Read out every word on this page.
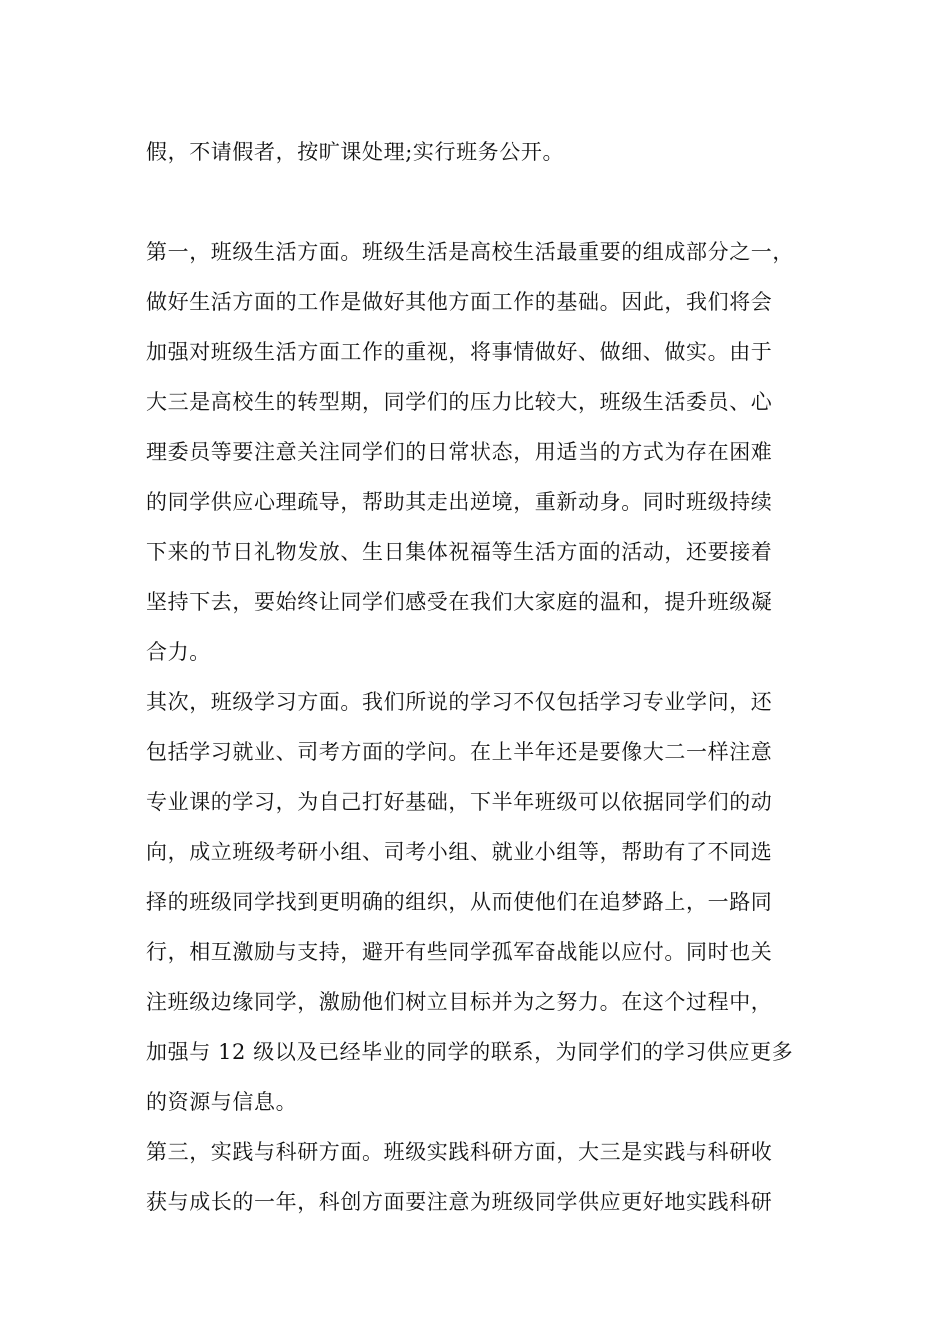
假，不请假者，按旷课处理;实行班务公开。

第一，班级生活方面。班级生活是高校生活最重要的组成部分之一，

做好生活方面的工作是做好其他方面工作的基础。因此，我们将会

加强对班级生活方面工作的重视，将事情做好、做细、做实。由于

大三是高校生的转型期，同学们的压力比较大，班级生活委员、心

理委员等要注意关注同学们的日常状态，用适当的方式为存在困难

的同学供应心理疏导，帮助其走出逆境，重新动身。同时班级持续

下来的节日礼物发放、生日集体祝福等生活方面的活动，还要接着

坚持下去，要始终让同学们感受在我们大家庭的温和，提升班级凝

合力。

其次，班级学习方面。我们所说的学习不仅包括学习专业学问，还

包括学习就业、司考方面的学问。在上半年还是要像大二一样注意

专业课的学习，为自己打好基础，下半年班级可以依据同学们的动

向，成立班级考研小组、司考小组、就业小组等，帮助有了不同选

择的班级同学找到更明确的组织，从而使他们在追梦路上，一路同

行，相互激励与支持，避开有些同学孤军奋战能以应付。同时也关

注班级边缘同学，激励他们树立目标并为之努力。在这个过程中，

加强与 12 级以及已经毕业的同学的联系，为同学们的学习供应更多

的资源与信息。

第三，实践与科研方面。班级实践科研方面，大三是实践与科研收

获与成长的一年，科创方面要注意为班级同学供应更好地实践科研
